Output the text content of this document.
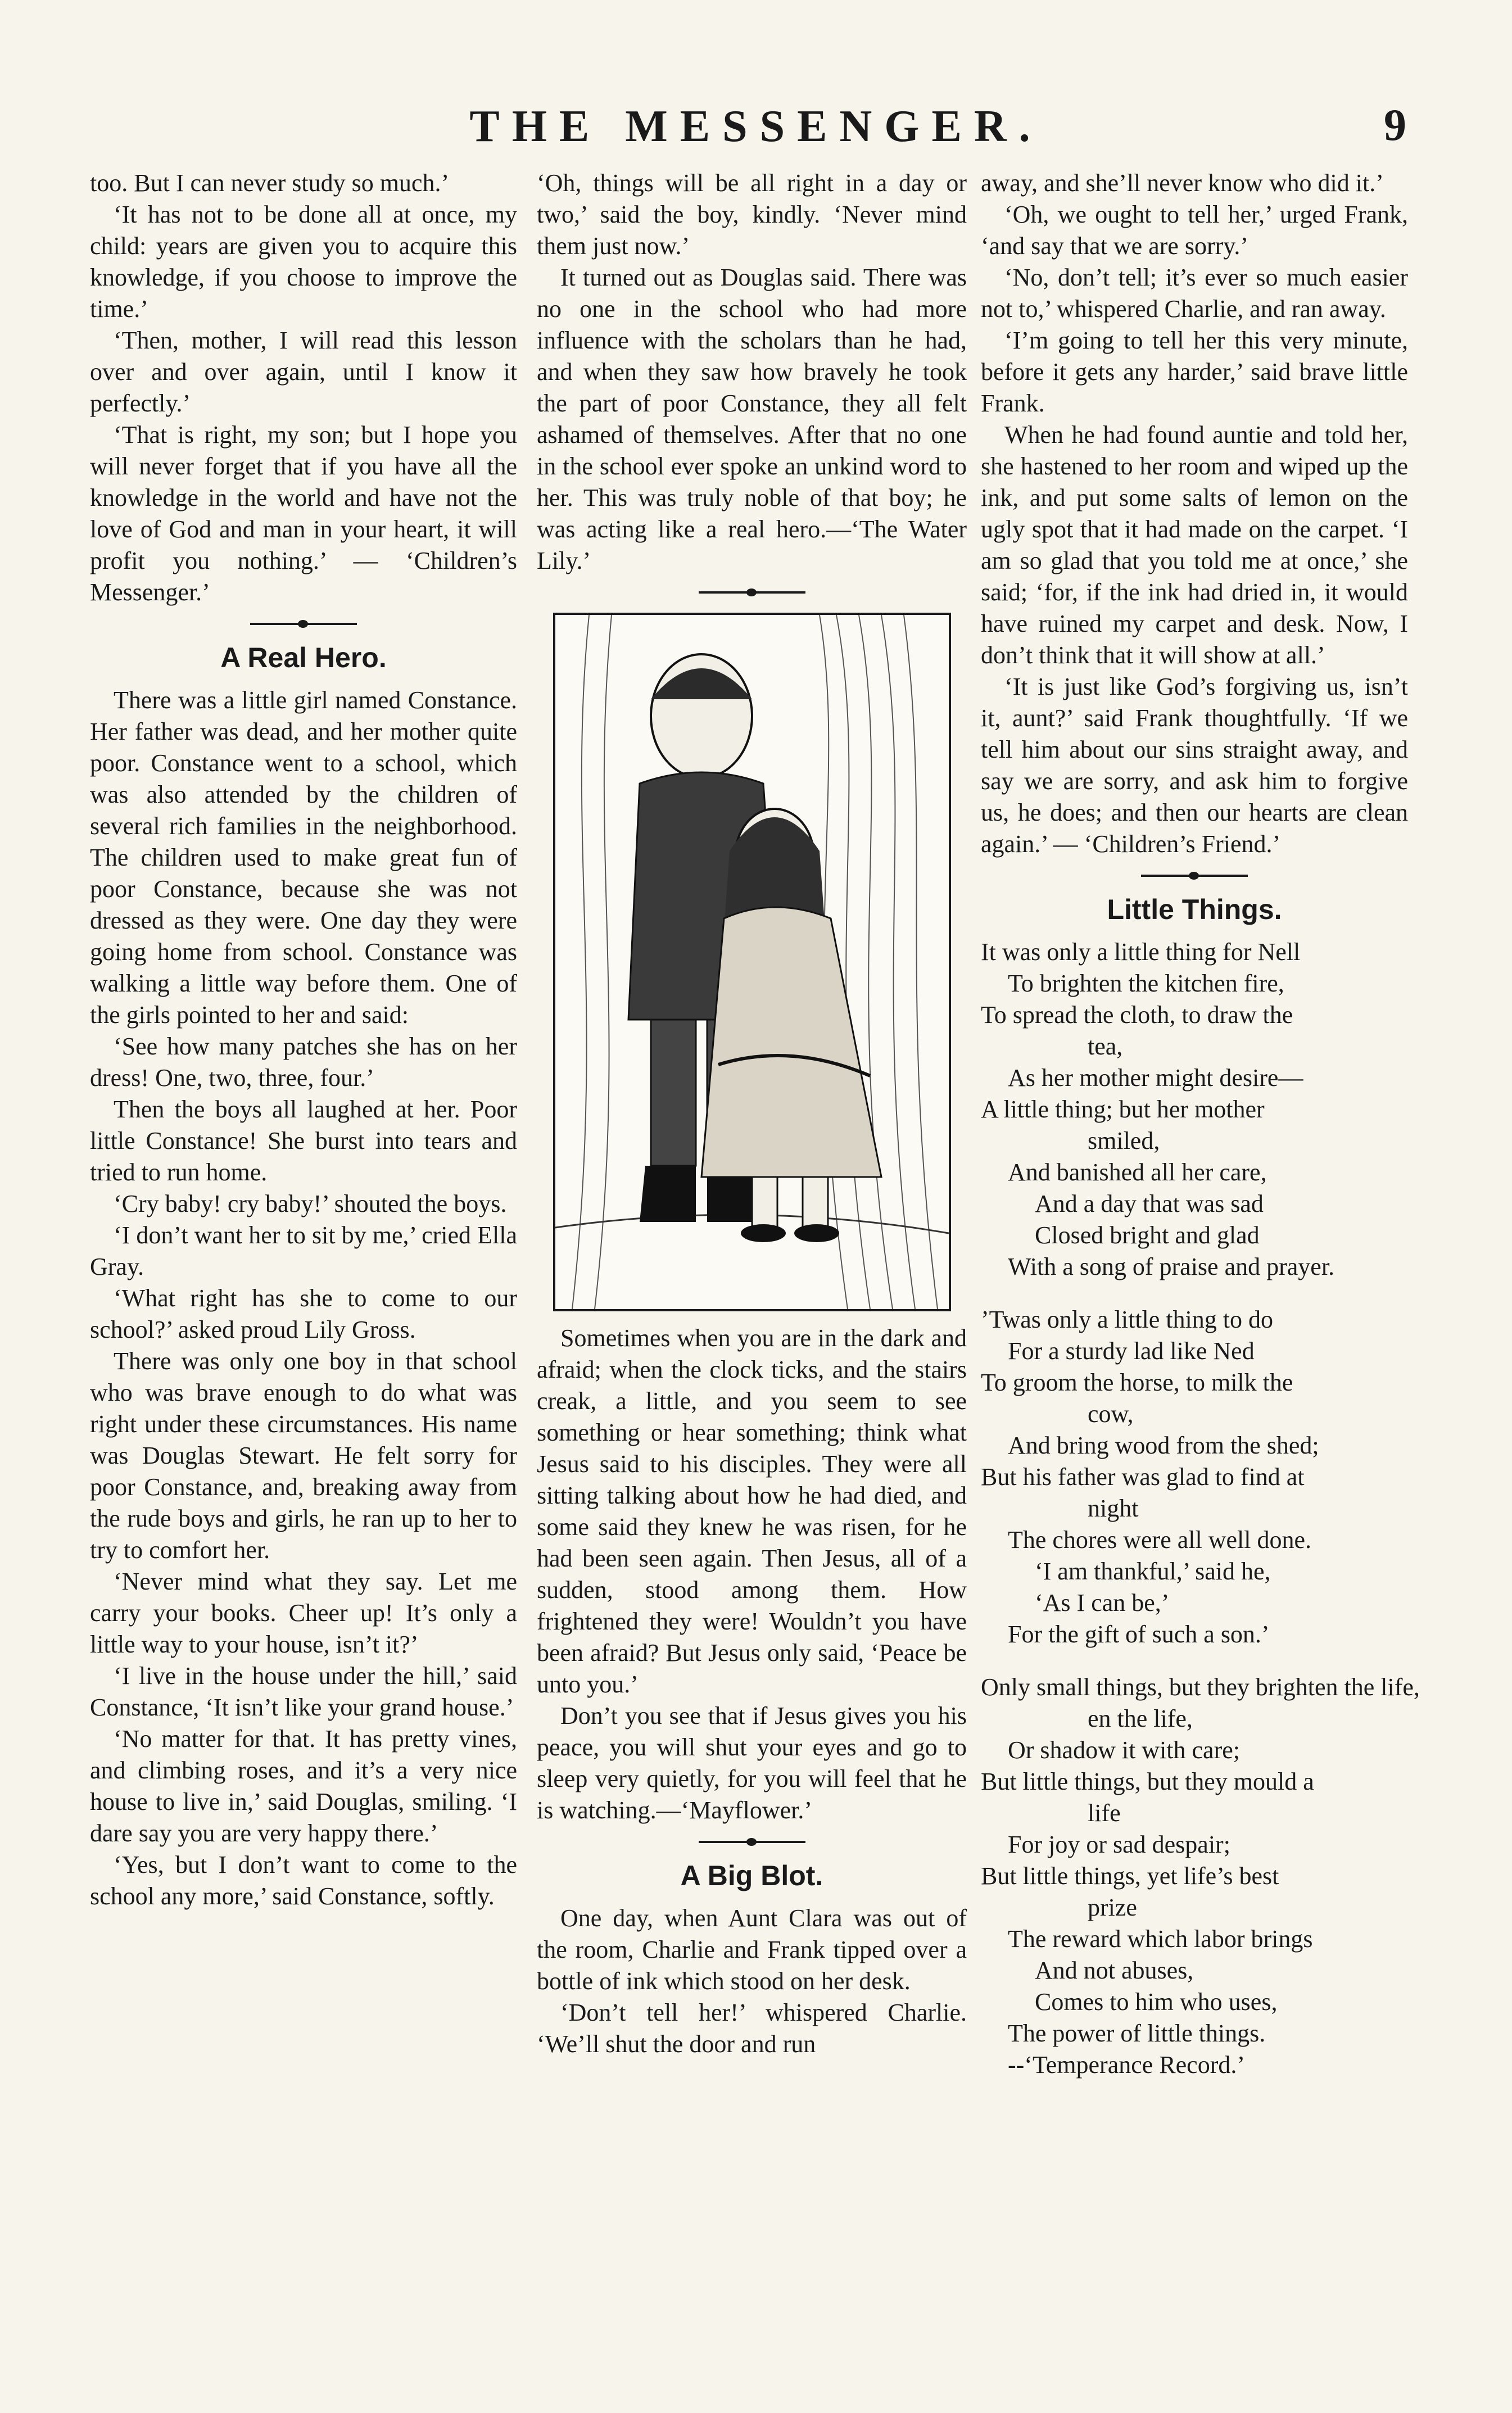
THE MESSENGER.	9

too. But I can never study so much.’

‘It has not to be done all at once, my child: years are given you to acquire this knowledge, if you choose to improve the time.’

‘Then, mother, I will read this lesson over and over again, until I know it perfectly.’

‘That is right, my son; but I hope you will never forget that if you have all the knowledge in the world and have not the love of God and man in your heart, it will profit you nothing.’ — ‘Children’s Messenger.’

A Real Hero.

There was a little girl named Constance. Her father was dead, and her mother quite poor. Constance went to a school, which was also attended by the children of several rich families in the neighborhood. The children used to make great fun of poor Constance, because she was not dressed as they were. One day they were going home from school. Constance was walking a little way before them. One of the girls pointed to her and said:

‘See how many patches she has on her dress! One, two, three, four.’

Then the boys all laughed at her. Poor little Constance! She burst into tears and tried to run home.

‘Cry baby! cry baby!’ shouted the boys.

‘I don’t want her to sit by me,’ cried Ella Gray.

‘What right has she to come to our school?’ asked proud Lily Gross.

There was only one boy in that school who was brave enough to do what was right under these circumstances. His name was Douglas Stewart. He felt sorry for poor Constance, and, breaking away from the rude boys and girls, he ran up to her to try to comfort her.

‘Never mind what they say. Let me carry your books. Cheer up! It’s only a little way to your house, isn’t it?’

‘I live in the house under the hill,’ said Constance, ‘It isn’t like your grand house.’

‘No matter for that. It has pretty vines, and climbing roses, and it’s a very nice house to live in,’ said Douglas, smiling. ‘I dare say you are very happy there.’

‘Yes, but I don’t want to come to the school any more,’ said Constance, softly.

‘Oh, things will be all right in a day or two,’ said the boy, kindly. ‘Never mind them just now.’

It turned out as Douglas said. There was no one in the school who had more influence with the scholars than he had, and when they saw how bravely he took the part of poor Constance, they all felt ashamed of themselves. After that no one in the school ever spoke an unkind word to her. This was truly noble of that boy; he was acting like a real hero.—‘The Water Lily.’

Sometimes when you are in the dark and afraid; when the clock ticks, and the stairs creak, a little, and you seem to see something or hear something; think what Jesus said to his disciples. They were all sitting talking about how he had died, and some said they knew he was risen, for he had been seen again. Then Jesus, all of a sudden, stood among them. How frightened they were! Wouldn’t you have been afraid? But Jesus only said, ‘Peace be unto you.’

Don’t you see that if Jesus gives you his peace, you will shut your eyes and go to sleep very quietly, for you will feel that he is watching.—‘Mayflower.’

A Big Blot.

One day, when Aunt Clara was out of the room, Charlie and Frank tipped over a bottle of ink which stood on her desk.

‘Don’t tell her!’ whispered Charlie. ‘We’ll shut the door and run

away, and she’ll never know who did it.’

‘Oh, we ought to tell her,’ urged Frank, ‘and say that we are sorry.’

‘No, don’t tell; it’s ever so much easier not to,’ whispered Charlie, and ran away.

‘I’m going to tell her this very minute, before it gets any harder,’ said brave little Frank.

When he had found auntie and told her, she hastened to her room and wiped up the ink, and put some salts of lemon on the ugly spot that it had made on the carpet. ‘I am so glad that you told me at once,’ she said; ‘for, if the ink had dried in, it would have ruined my carpet and desk. Now, I don’t think that it will show at all.’

‘It is just like God’s forgiving us, isn’t it, aunt?’ said Frank thoughtfully. ‘If we tell him about our sins straight away, and say we are sorry, and ask him to forgive us, he does; and then our hearts are clean again.’ — ‘Children’s Friend.’

Little Things.
It was only a little thing for Nell
To brighten the kitchen fire,
To spread the cloth, to draw the
tea,
As her mother might desire—
A little thing; but her mother
smiled,
And banished all her care,
And a day that was sad
Closed bright and glad
With a song of praise and prayer.
’Twas only a little thing to do
For a sturdy lad like Ned
To groom the horse, to milk the
cow,
And bring wood from the shed;
But his father was glad to find at
night
The chores were all well done.
‘I am thankful,’ said he,
‘As I can be,’
For the gift of such a son.’
Only small things, but they brighten the life,
en the life,
Or shadow it with care;
But little things, but they mould a
life
For joy or sad despair;
But little things, yet life’s best
prize
The reward which labor brings
And not abuses,
Comes to him who uses,
The power of little things.
--‘Temperance Record.’
